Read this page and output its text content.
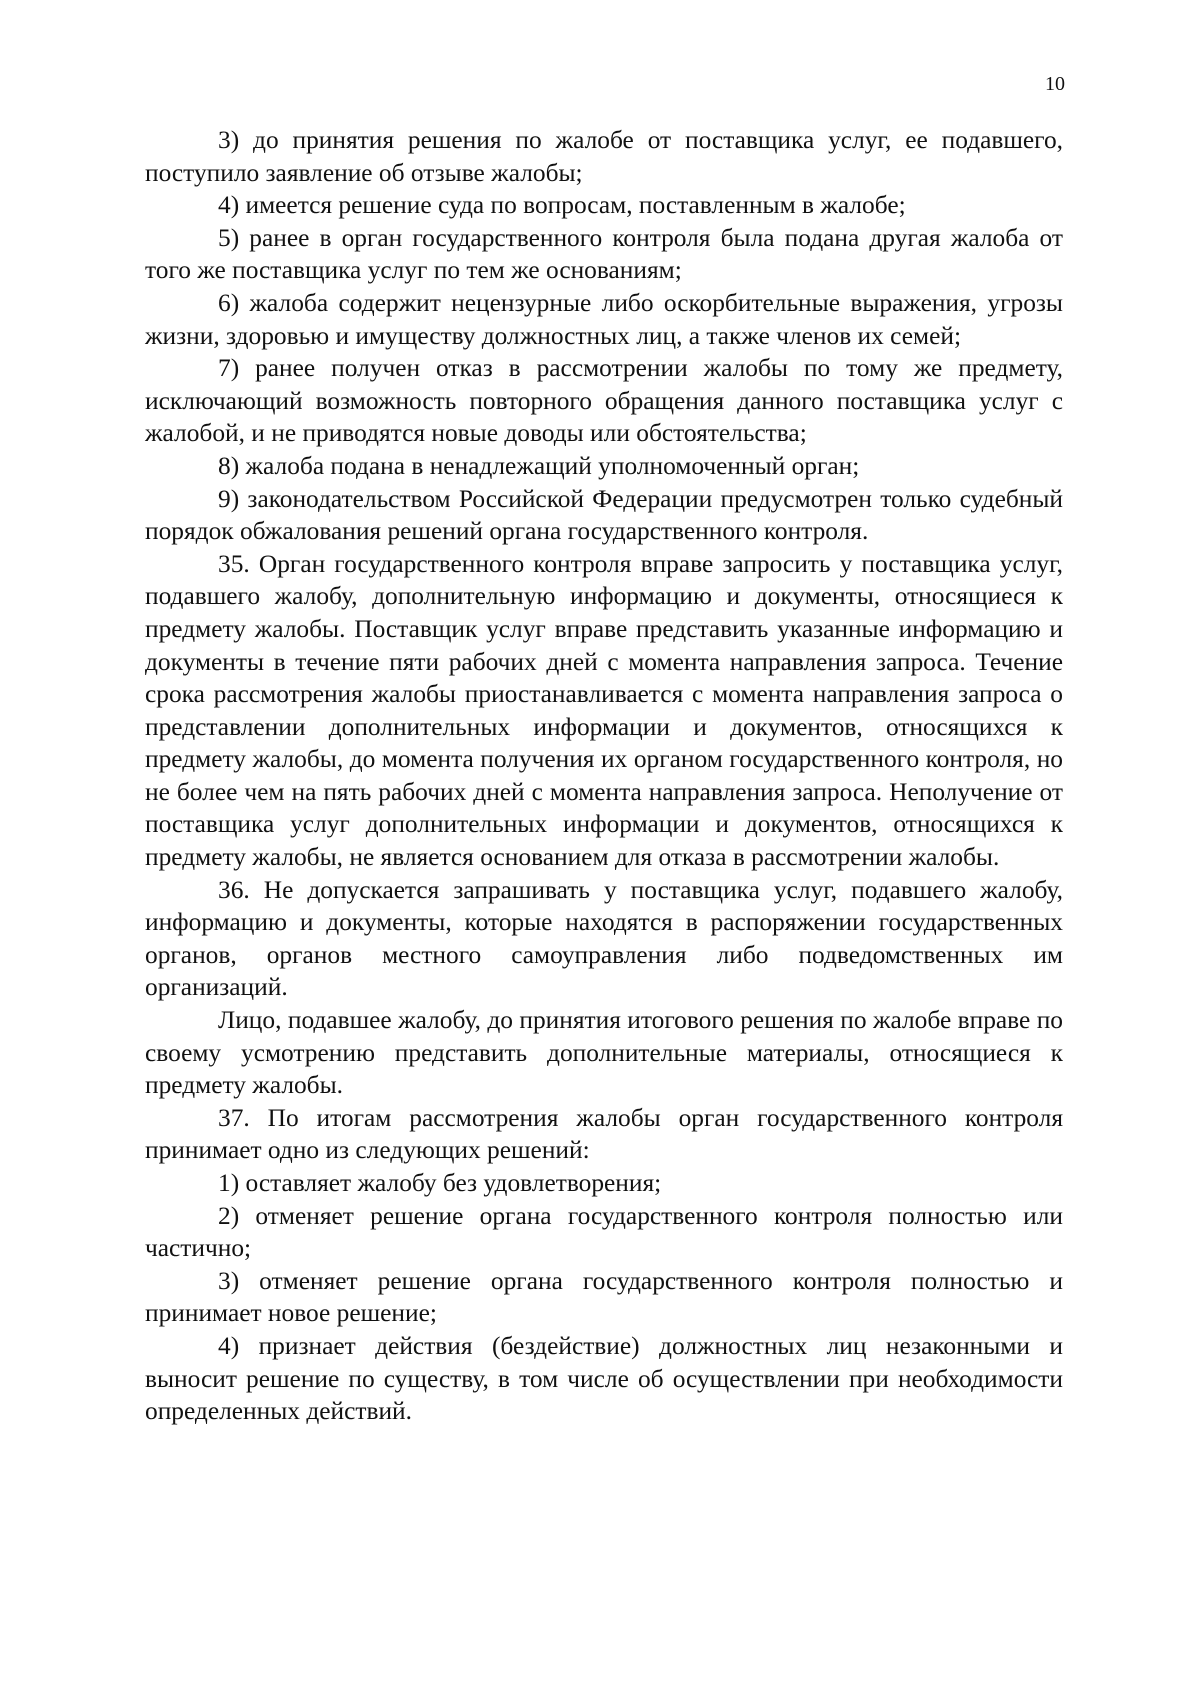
10

3) до принятия решения по жалобе от поставщика услуг, ее подавшего, поступило заявление об отзыве жалобы;

4) имеется решение суда по вопросам, поставленным в жалобе;

5) ранее в орган государственного контроля была подана другая жалоба от того же поставщика услуг по тем же основаниям;

6) жалоба содержит нецензурные либо оскорбительные выражения, угрозы жизни, здоровью и имуществу должностных лиц, а также членов их семей;

7) ранее получен отказ в рассмотрении жалобы по тому же предмету, исключающий возможность повторного обращения данного поставщика услуг с жалобой, и не приводятся новые доводы или обстоятельства;

8) жалоба подана в ненадлежащий уполномоченный орган;

9) законодательством Российской Федерации предусмотрен только судебный порядок обжалования решений органа государственного контроля.

35. Орган государственного контроля вправе запросить у поставщика услуг, подавшего жалобу, дополнительную информацию и документы, относящиеся к предмету жалобы. Поставщик услуг вправе представить указанные информацию и документы в течение пяти рабочих дней с момента направления запроса. Течение срока рассмотрения жалобы приостанавливается с момента направления запроса о представлении дополнительных информации и документов, относящихся к предмету жалобы, до момента получения их органом государственного контроля, но не более чем на пять рабочих дней с момента направления запроса. Неполучение от поставщика услуг дополнительных информации и документов, относящихся к предмету жалобы, не является основанием для отказа в рассмотрении жалобы.

36. Не допускается запрашивать у поставщика услуг, подавшего жалобу, информацию и документы, которые находятся в распоряжении государственных органов, органов местного самоуправления либо подведомственных им организаций.

Лицо, подавшее жалобу, до принятия итогового решения по жалобе вправе по своему усмотрению представить дополнительные материалы, относящиеся к предмету жалобы.

37. По итогам рассмотрения жалобы орган государственного контроля принимает одно из следующих решений:

1) оставляет жалобу без удовлетворения;

2) отменяет решение органа государственного контроля полностью или частично;

3) отменяет решение органа государственного контроля полностью и принимает новое решение;

4) признает действия (бездействие) должностных лиц незаконными и выносит решение по существу, в том числе об осуществлении при необходимости определенных действий.
